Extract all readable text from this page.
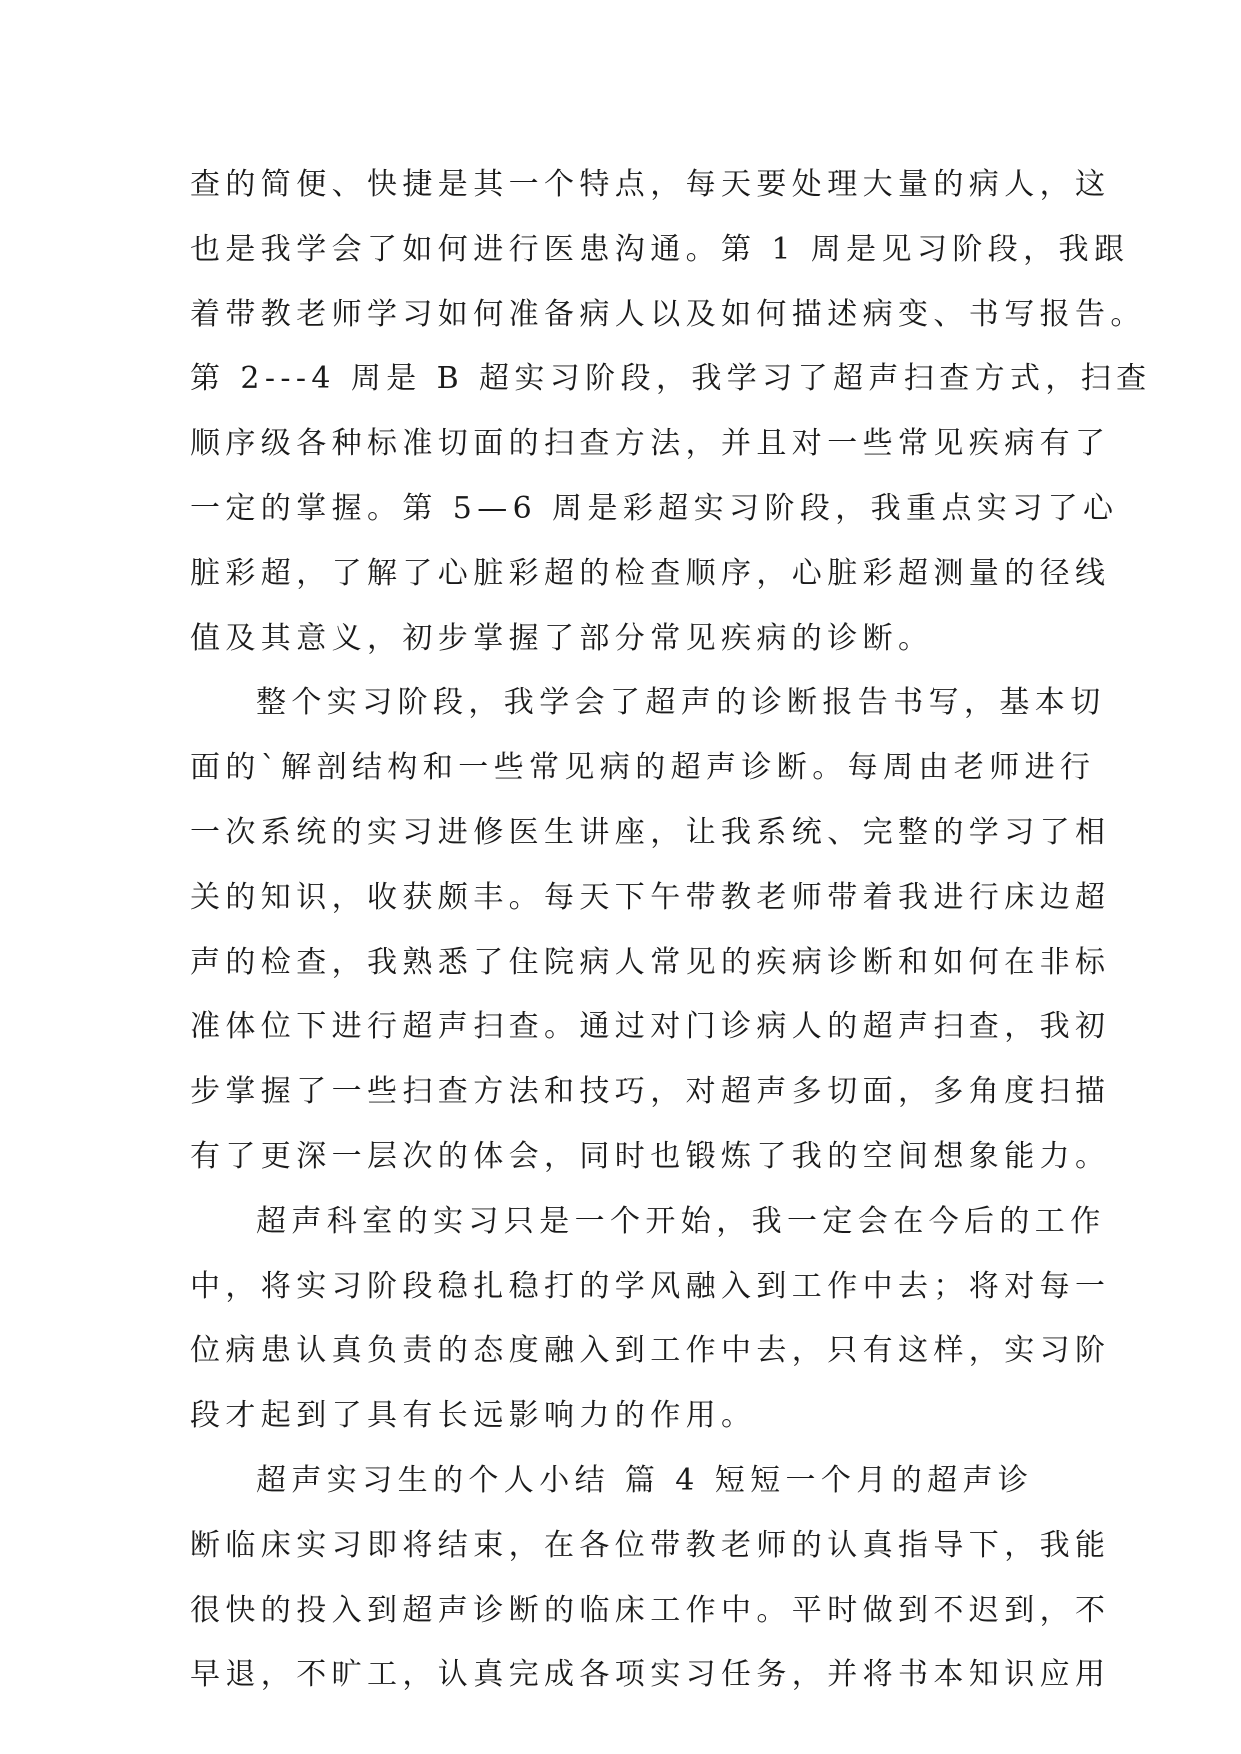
查的简便、快捷是其一个特点，每天要处理大量的病人，这
也是我学会了如何进行医患沟通。第 1 周是见习阶段，我跟
着带教老师学习如何准备病人以及如何描述病变、书写报告。
第 2---4 周是 B 超实习阶段，我学习了超声扫查方式，扫查
顺序级各种标准切面的扫查方法，并且对一些常见疾病有了
一定的掌握。第 5—6 周是彩超实习阶段，我重点实习了心
脏彩超，了解了心脏彩超的检查顺序，心脏彩超测量的径线
值及其意义，初步掌握了部分常见疾病的诊断。
整个实习阶段，我学会了超声的诊断报告书写，基本切
面的`解剖结构和一些常见病的超声诊断。每周由老师进行
一次系统的实习进修医生讲座，让我系统、完整的学习了相
关的知识，收获颇丰。每天下午带教老师带着我进行床边超
声的检查，我熟悉了住院病人常见的疾病诊断和如何在非标
准体位下进行超声扫查。通过对门诊病人的超声扫查，我初
步掌握了一些扫查方法和技巧，对超声多切面，多角度扫描
有了更深一层次的体会，同时也锻炼了我的空间想象能力。
超声科室的实习只是一个开始，我一定会在今后的工作
中，将实习阶段稳扎稳打的学风融入到工作中去；将对每一
位病患认真负责的态度融入到工作中去，只有这样，实习阶
段才起到了具有长远影响力的作用。
超声实习生的个人小结 篇 4 短短一个月的超声诊
断临床实习即将结束，在各位带教老师的认真指导下，我能
很快的投入到超声诊断的临床工作中。平时做到不迟到，不
早退，不旷工，认真完成各项实习任务，并将书本知识应用
